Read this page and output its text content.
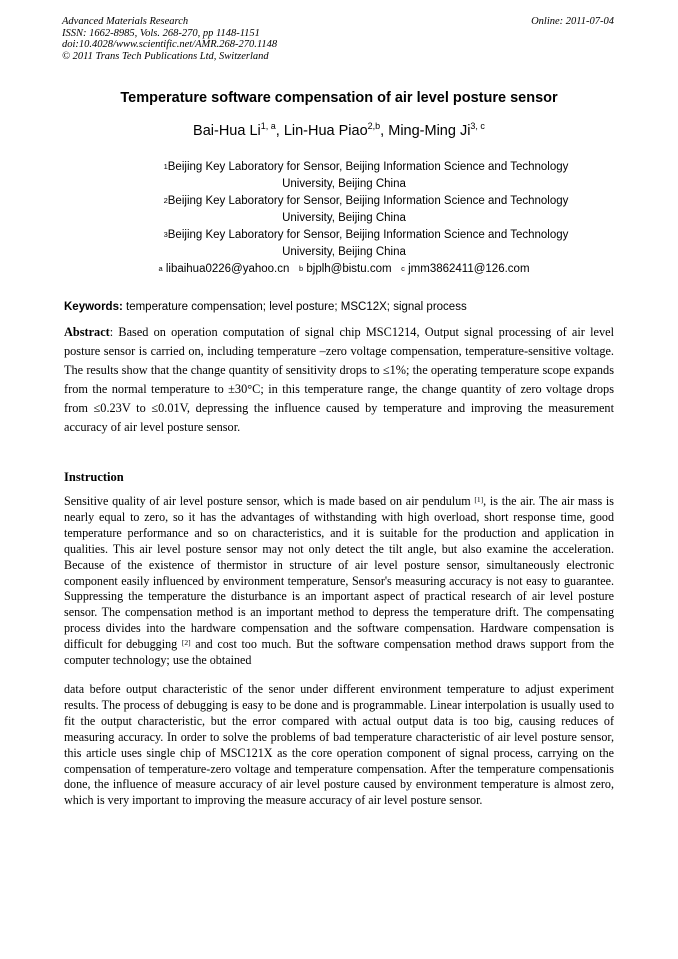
Advanced Materials Research
ISSN: 1662-8985, Vols. 268-270, pp 1148-1151
doi:10.4028/www.scientific.net/AMR.268-270.1148
© 2011 Trans Tech Publications Ltd, Switzerland
Online: 2011-07-04
Temperature software compensation of air level posture sensor
Bai-Hua Li$^{1, a}$, Lin-Hua Piao$^{2,b}$, Ming-Ming Ji$^{3, c}$
$^1$Beijing Key Laboratory for Sensor, Beijing Information Science and Technology
University, Beijing China
$^2$Beijing Key Laboratory for Sensor, Beijing Information Science and Technology
University, Beijing China
$^3$Beijing Key Laboratory for Sensor, Beijing Information Science and Technology
University, Beijing China
$^a$ libaihua0226@yahoo.cn $^b$ bjplh@bistu.com $^c$ jmm3862411@126.com
Keywords: temperature compensation; level posture; MSC12X; signal process
Abstract: Based on operation computation of signal chip MSC1214, Output signal processing of air level posture sensor is carried on, including temperature –zero voltage compensation, temperature-sensitive voltage. The results show that the change quantity of sensitivity drops to ≤1%; the operating temperature scope expands from the normal temperature to ±30°C; in this temperature range, the change quantity of zero voltage drops from ≤0.23V to ≤0.01V, depressing the influence caused by temperature and improving the measurement accuracy of air level posture sensor.
Instruction
Sensitive quality of air level posture sensor, which is made based on air pendulum [1], is the air. The air mass is nearly equal to zero, so it has the advantages of withstanding with high overload, short response time, good temperature performance and so on characteristics, and it is suitable for the production and application in qualities. This air level posture sensor may not only detect the tilt angle, but also examine the acceleration. Because of the existence of thermistor in structure of air level posture sensor, simultaneously electronic component easily influenced by environment temperature, Sensor's measuring accuracy is not easy to guarantee. Suppressing the temperature the disturbance is an important aspect of practical research of air level posture sensor. The compensation method is an important method to depress the temperature drift. The compensating process divides into the hardware compensation and the software compensation. Hardware compensation is difficult for debugging [2] and cost too much. But the software compensation method draws support from the computer technology; use the obtained
data before output characteristic of the senor under different environment temperature to adjust experiment results. The process of debugging is easy to be done and is programmable. Linear interpolation is usually used to fit the output characteristic, but the error compared with actual output data is too big, causing reduces of measuring accuracy. In order to solve the problems of bad temperature characteristic of air level posture sensor, this article uses single chip of MSC121X as the core operation component of signal process, carrying on the compensation of temperature-zero voltage and temperature compensation. After the temperature compensationis done, the influence of measure accuracy of air level posture caused by environment temperature is almost zero, which is very important to improving the measure accuracy of air level posture sensor.
